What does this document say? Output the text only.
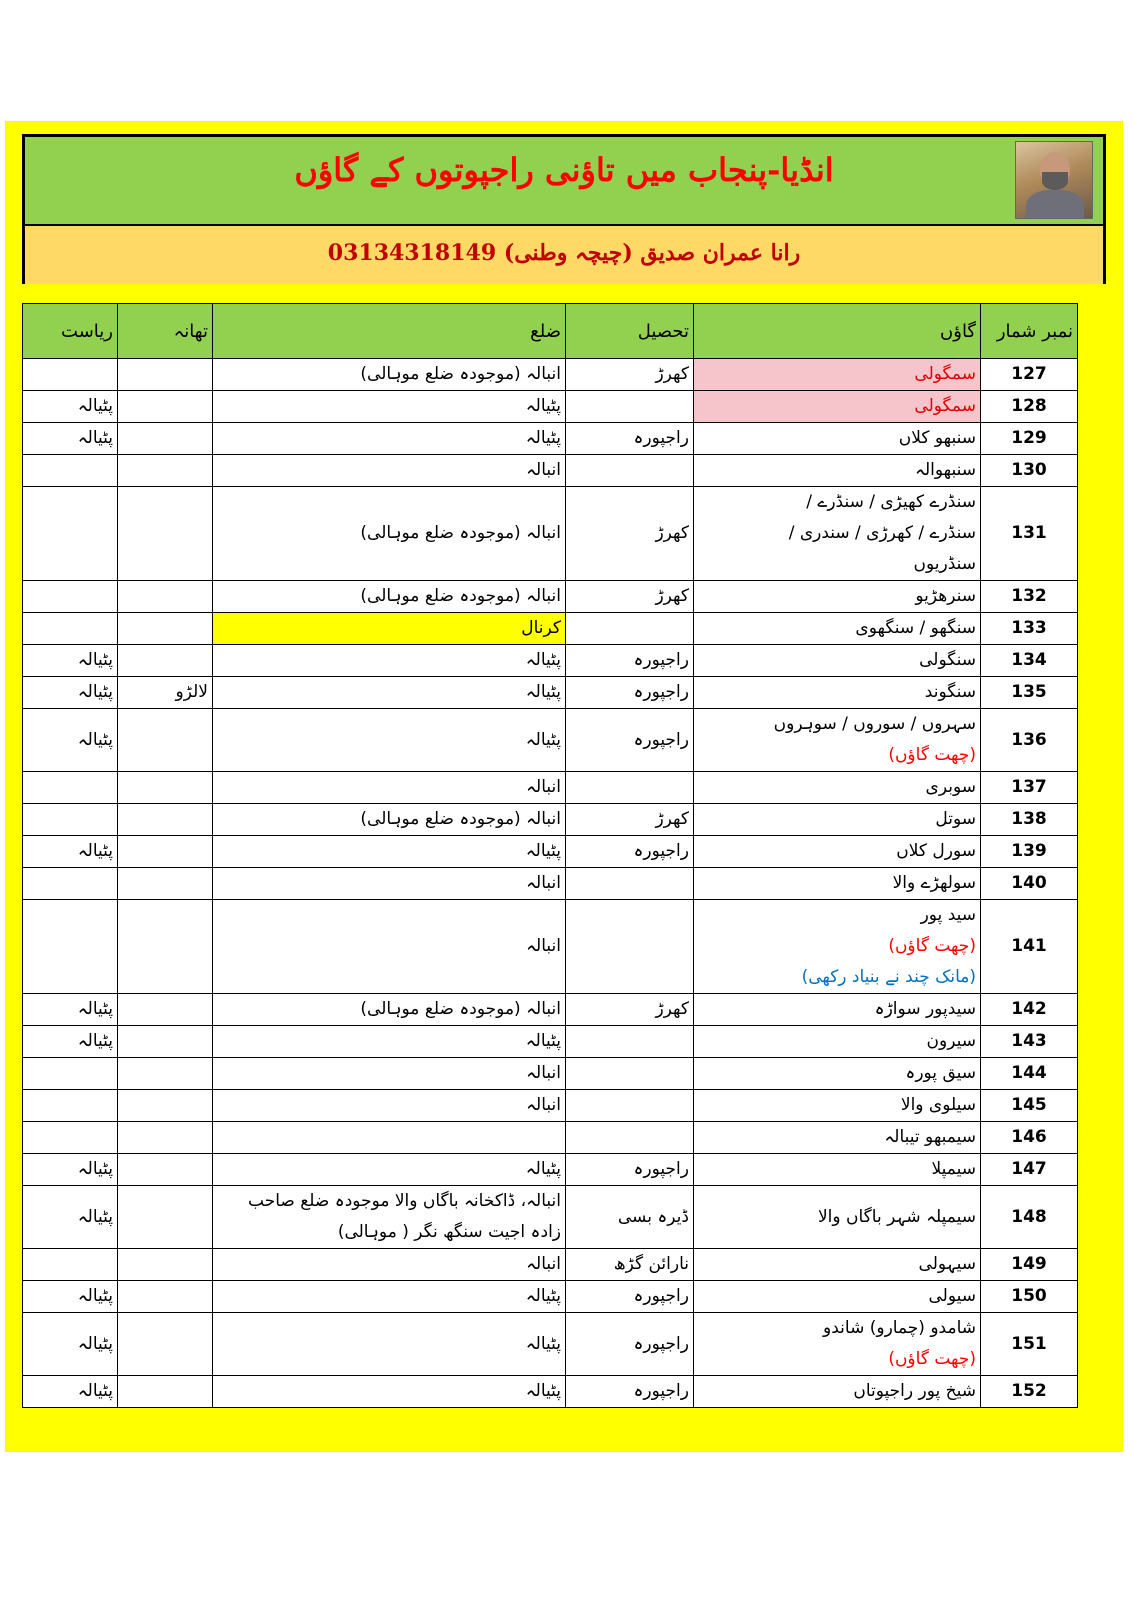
انڈیا-پنجاب میں تاؤنی راجپوتوں کے گاؤں
رانا عمران صدیق (چیچہ وطنی) 03134318149
نمبر شمار	گاؤں	تحصیل	ضلع	تھانہ	ریاست
127	سمگولی	کھرڑ	انبالہ (موجودہ ضلع موہالی)		
128	سمگولی		پٹیالہ		پٹیالہ
129	سنبھو کلاں	راجپورہ	پٹیالہ		پٹیالہ
130	سنبھوالہ		انبالہ		
131	سنڈرے کھیڑی / سنڈرے /
سنڈرے / کھرڑی / سندری /
سنڈریوں	کھرڑ	انبالہ (موجودہ ضلع موہالی)		
132	سنرھڑیو	کھرڑ	انبالہ (موجودہ ضلع موہالی)		
133	سنگھو / سنگھوی		کرنال		
134	سنگولی	راجپورہ	پٹیالہ		پٹیالہ
135	سنگوند	راجپورہ	پٹیالہ	لالڑو	پٹیالہ
136	سہروں / سوروں / سوہروں
(چھت گاؤں)	راجپورہ	پٹیالہ		پٹیالہ
137	سوبری		انبالہ		
138	سوتل	کھرڑ	انبالہ (موجودہ ضلع موہالی)		
139	سورل کلاں	راجپورہ	پٹیالہ		پٹیالہ
140	سولھڑے والا		انبالہ		
141	سید پور
(چھت گاؤں)
(مانک چند نے بنیاد رکھی)		انبالہ		
142	سیدپور سواڑہ	کھرڑ	انبالہ (موجودہ ضلع موہالی)		پٹیالہ
143	سیرون		پٹیالہ		پٹیالہ
144	سیق پورہ		انبالہ		
145	سیلوی والا		انبالہ		
146	سیمبھو تیبالہ				

147	سیمپلا	راجپورہ	پٹیالہ		پٹیالہ
148	سیمپلہ شہر باگاں والا	ڈیرہ بسی	انبالہ، ڈاکخانہ باگاں والا موجودہ ضلع صاحب زادہ اجیت سنگھ نگر ( موہالی)		پٹیالہ
149	سیہولی	نارائن گڑھ	انبالہ		
150	سیولی	راجپورہ	پٹیالہ		پٹیالہ
151	شامدو (چمارو) شاندو
(چھت گاؤں)	راجپورہ	پٹیالہ		پٹیالہ
152	شیخ پور راجپوتاں	راجپورہ	پٹیالہ		پٹیالہ
